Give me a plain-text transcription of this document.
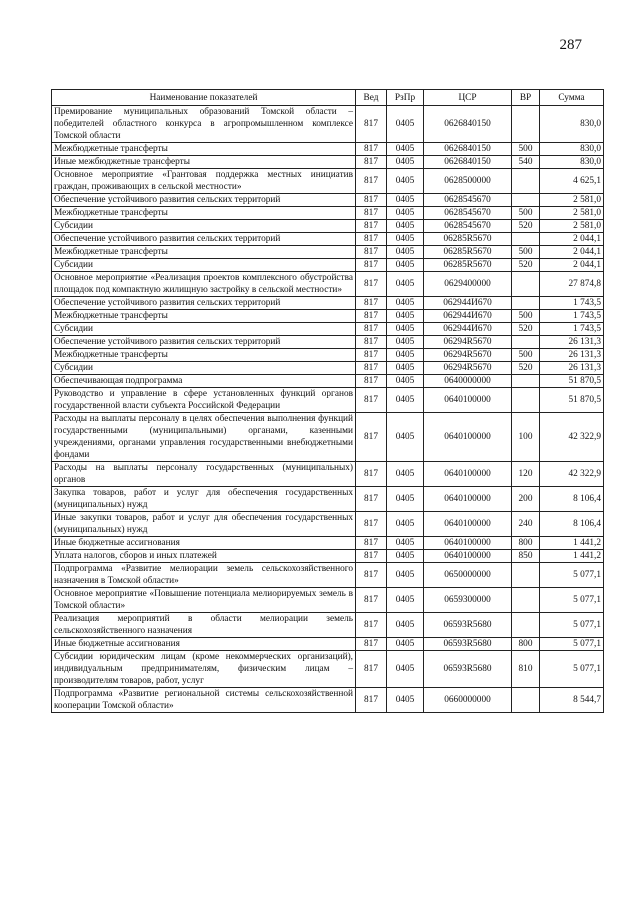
287
Наименование показателей	Вед	РзПр	ЦСР	ВР	Сумма
Премирование муниципальных образований Томской области – победителей областного конкурса в агропромышленном комплексе Томской области	817	0405	0626840150		830,0
Межбюджетные трансферты	817	0405	0626840150	500	830,0
Иные межбюджетные трансферты	817	0405	0626840150	540	830,0
Основное мероприятие «Грантовая поддержка местных инициатив граждан, проживающих в сельской местности»	817	0405	0628500000		4 625,1
Обеспечение устойчивого развития сельских территорий	817	0405	0628545670		2 581,0
Межбюджетные трансферты	817	0405	0628545670	500	2 581,0
Субсидии	817	0405	0628545670	520	2 581,0
Обеспечение устойчивого развития сельских территорий	817	0405	06285R5670		2 044,1
Межбюджетные трансферты	817	0405	06285R5670	500	2 044,1
Субсидии	817	0405	06285R5670	520	2 044,1
Основное мероприятие «Реализация проектов комплексного обустройства площадок под компактную жилищную застройку в сельской местности»	817	0405	0629400000		27 874,8
Обеспечение устойчивого развития сельских территорий	817	0405	062944И670		1 743,5
Межбюджетные трансферты	817	0405	062944И670	500	1 743,5
Субсидии	817	0405	062944И670	520	1 743,5
Обеспечение устойчивого развития сельских территорий	817	0405	06294R5670		26 131,3
Межбюджетные трансферты	817	0405	06294R5670	500	26 131,3
Субсидии	817	0405	06294R5670	520	26 131,3
Обеспечивающая подпрограмма	817	0405	0640000000		51 870,5
Руководство и управление в сфере установленных функций органов государственной власти субъекта Российской Федерации	817	0405	0640100000		51 870,5
Расходы на выплаты персоналу в целях обеспечения выполнения функций государственными (муниципальными) органами, казенными учреждениями, органами управления государственными внебюджетными фондами	817	0405	0640100000	100	42 322,9
Расходы на выплаты персоналу государственных (муниципальных) органов	817	0405	0640100000	120	42 322,9
Закупка товаров, работ и услуг для обеспечения государственных (муниципальных) нужд	817	0405	0640100000	200	8 106,4
Иные закупки товаров, работ и услуг для обеспечения государственных (муниципальных) нужд	817	0405	0640100000	240	8 106,4
Иные бюджетные ассигнования	817	0405	0640100000	800	1 441,2
Уплата налогов, сборов и иных платежей	817	0405	0640100000	850	1 441,2
Подпрограмма «Развитие мелиорации земель сельскохозяйственного назначения в Томской области»	817	0405	0650000000		5 077,1
Основное мероприятие «Повышение потенциала мелиорируемых земель в Томской области»	817	0405	0659300000		5 077,1
Реализация мероприятий в области мелиорации земель сельскохозяйственного назначения	817	0405	06593R5680		5 077,1
Иные бюджетные ассигнования	817	0405	06593R5680	800	5 077,1
Субсидии юридическим лицам (кроме некоммерческих организаций), индивидуальным предпринимателям, физическим лицам – производителям товаров, работ, услуг	817	0405	06593R5680	810	5 077,1
Подпрограмма «Развитие региональной системы сельскохозяйственной кооперации Томской области»	817	0405	0660000000		8 544,7
